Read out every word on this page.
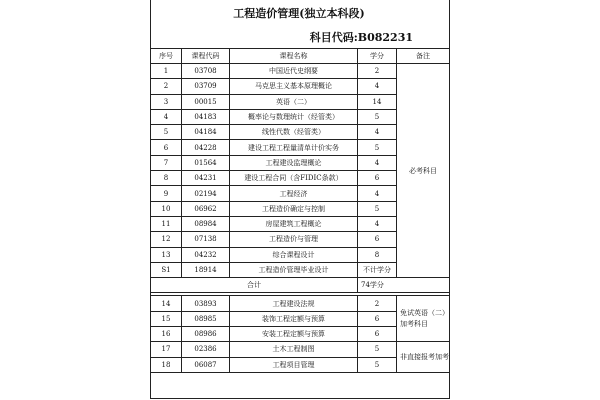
工程造价管理(独立本科段)
科目代码:B082231
序号	课程代码	课程名称	学分	备注
1	03708	中国近代史纲要	2	必考科目
2	03709	马克思主义基本原理概论	4	
3	00015	英语（二）	14	
4	04183	概率论与数理统计（经管类）	5	
5	04184	线性代数（经管类）	4	
6	04228	建设工程工程量清单计价实务	5	
7	01564	工程建设监理概论	4	
8	04231	建设工程合同（含FIDIC条款）	6	
9	02194	工程经济	4	
10	06962	工程造价确定与控制	5	
11	08984	房屋建筑工程概论	4	
12	07138	工程造价与管理	6	
13	04232	综合课程设计	8	
S1	18914	工程造价管理毕业设计	不计学分	
合计			74学分	

14	03893	工程建设法规	2	免试英语（二）加考科目
15	08985	装饰工程定额与预算	6	
16	08986	安装工程定额与预算	6	
17	02386	土木工程制图	5	非直接报考加考
18	06087	工程项目管理	5	
